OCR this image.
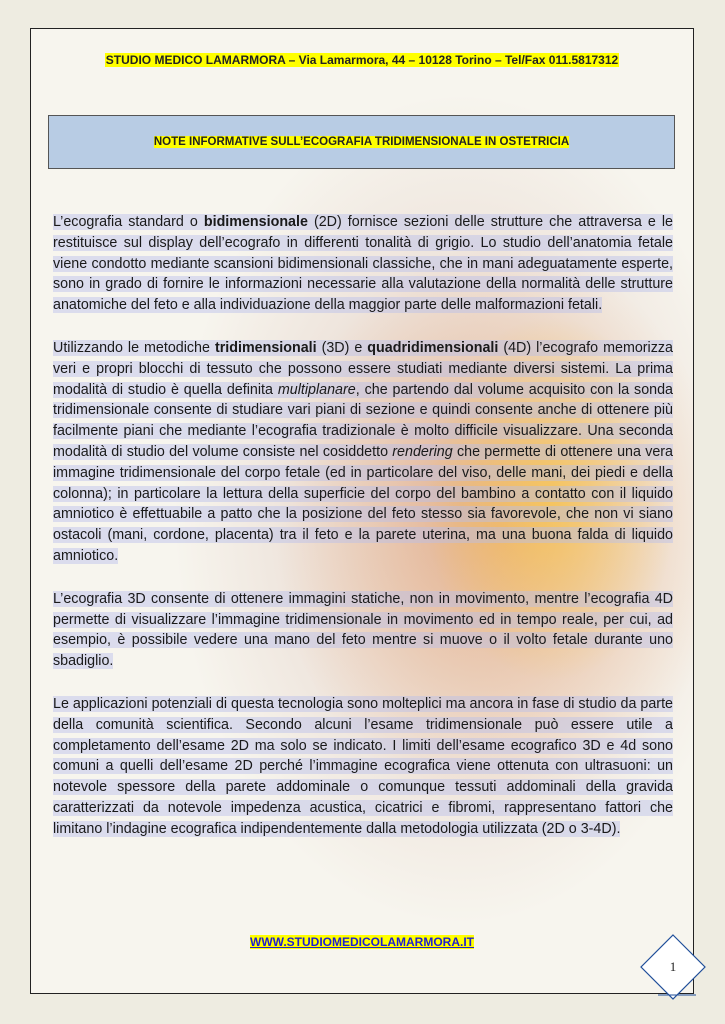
STUDIO MEDICO LAMARMORA – Via Lamarmora, 44 – 10128 Torino – Tel/Fax 011.5817312
NOTE INFORMATIVE SULL’ECOGRAFIA TRIDIMENSIONALE IN OSTETRICIA

L’ecografia standard o bidimensionale (2D) fornisce sezioni delle strutture che attraversa e le restituisce sul display dell’ecografo in differenti tonalità di grigio. Lo studio dell’anatomia fetale viene condotto mediante scansioni bidimensionali classiche, che in mani adeguatamente esperte, sono in grado di fornire le informazioni necessarie alla valutazione della normalità delle strutture anatomiche del feto e alla individuazione della maggior parte delle malformazioni fetali.

Utilizzando le metodiche tridimensionali (3D) e quadridimensionali (4D) l’ecografo memorizza veri e propri blocchi di tessuto che possono essere studiati mediante diversi sistemi. La prima modalità di studio è quella definita multiplanare, che partendo dal volume acquisito con la sonda tridimensionale consente di studiare vari piani di sezione e quindi consente anche di ottenere più facilmente piani che mediante l’ecografia tradizionale è molto difficile visualizzare. Una seconda modalità di studio del volume consiste nel cosiddetto rendering che permette di ottenere una vera immagine tridimensionale del corpo fetale (ed in particolare del viso, delle mani, dei piedi e della colonna); in particolare la lettura della superficie del corpo del bambino a contatto con il liquido amniotico è effettuabile a patto che la posizione del feto stesso sia favorevole, che non vi siano ostacoli (mani, cordone, placenta) tra il feto e la parete uterina, ma una buona falda di liquido amniotico.

L’ecografia 3D consente di ottenere immagini statiche, non in movimento, mentre l’ecografia 4D permette di visualizzare l’immagine tridimensionale in movimento ed in tempo reale, per cui, ad esempio, è possibile vedere una mano del feto mentre si muove o il volto fetale durante uno sbadiglio.

Le applicazioni potenziali di questa tecnologia sono molteplici ma ancora in fase di studio da parte della comunità scientifica. Secondo alcuni l’esame tridimensionale può essere utile a completamento dell’esame 2D ma solo se indicato. I limiti dell’esame ecografico 3D e 4d sono comuni a quelli dell’esame 2D perché l’immagine ecografica viene ottenuta con ultrasuoni: un notevole spessore della parete addominale o comunque tessuti addominali della gravida caratterizzati da notevole impedenza acustica, cicatrici e fibromi, rappresentano fattori che limitano l’indagine ecografica indipendentemente dalla metodologia utilizzata (2D o 3-4D).

WWW.STUDIOMEDICOLAMARMORA.IT
1
